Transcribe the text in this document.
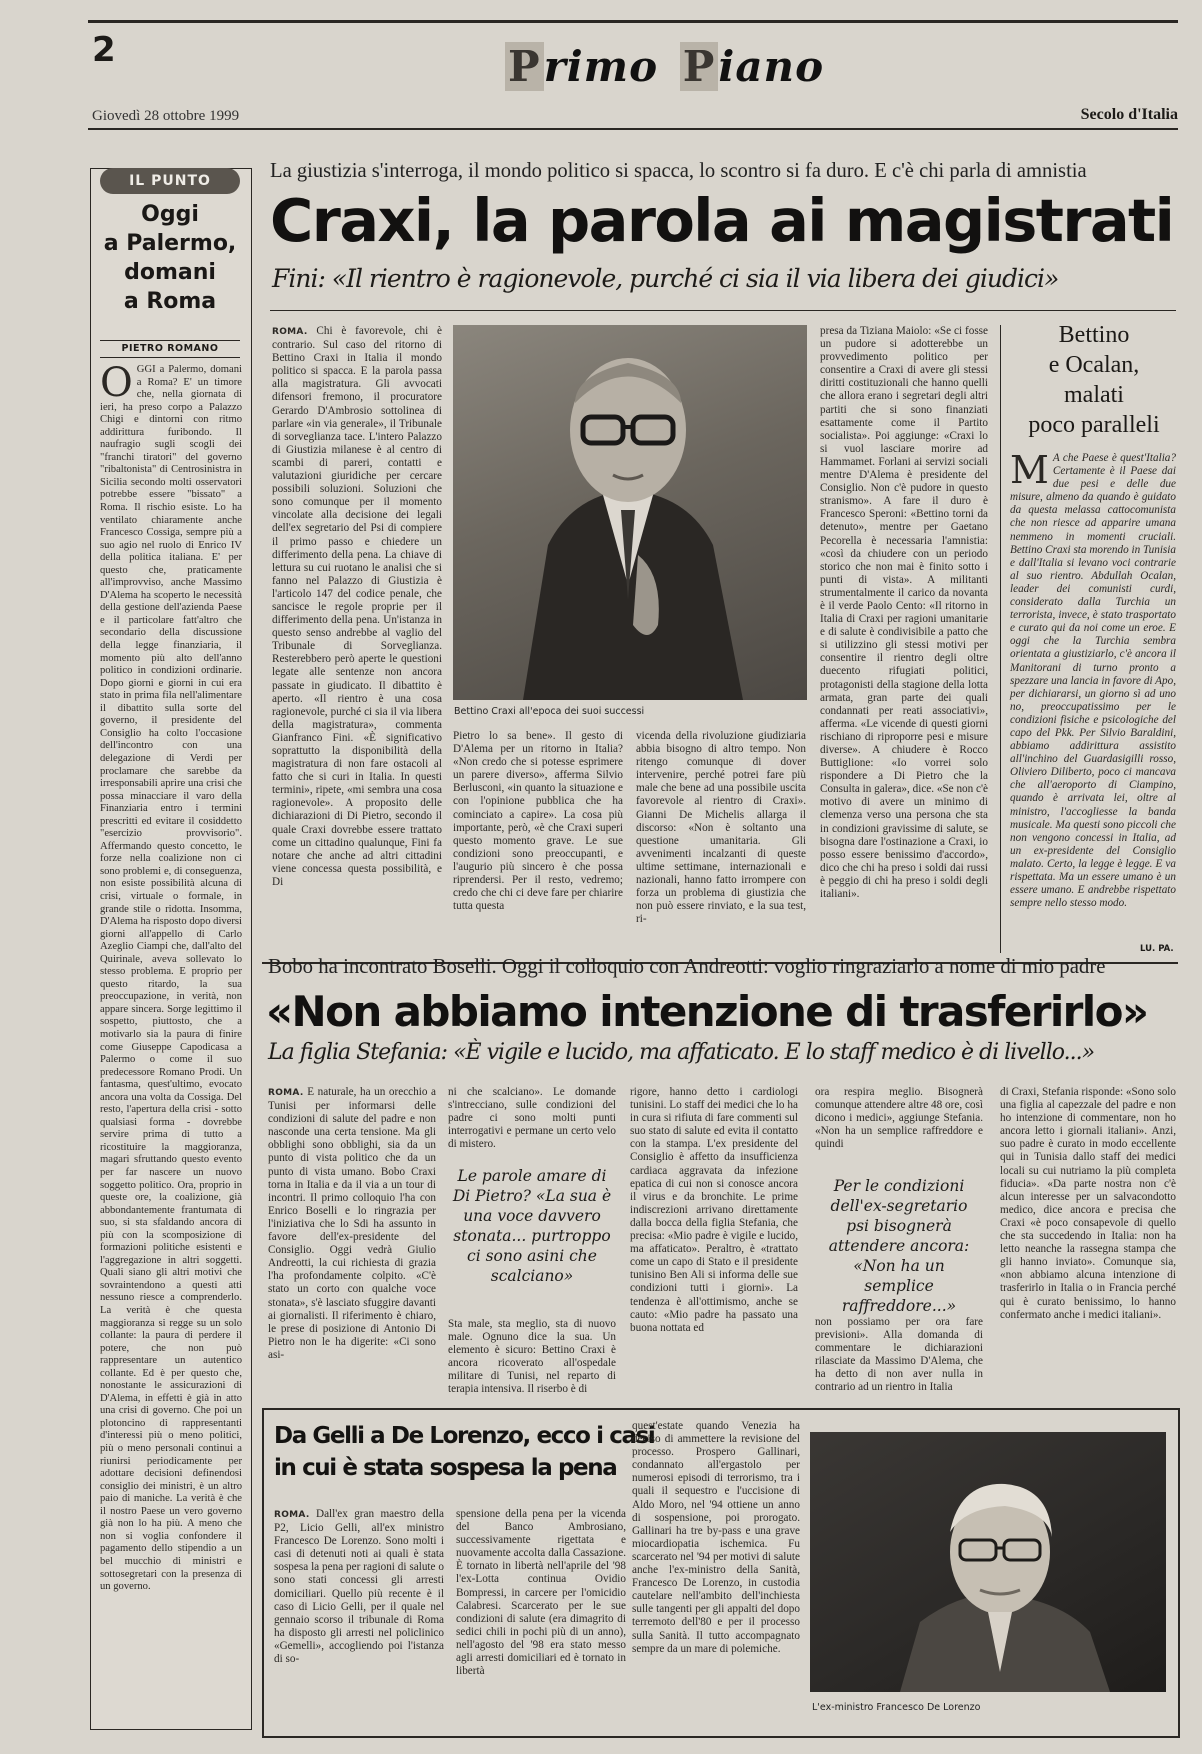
2	Primo Piano
Giovedì 28 ottobre 1999	Secolo d'Italia
IL PUNTO
Oggi
a Palermo,
domani
a Roma
PIETRO ROMANO
O GGI a Palermo, domani a Roma? E' un timore che, nella giornata di ieri, ha preso corpo a Palazzo Chigi e dintorni con ritmo addirittura furibondo. Il naufragio sugli scogli dei "franchi tiratori" del governo "ribaltonista" di Centrosinistra in Sicilia secondo molti osservatori potrebbe essere "bissato" a Roma. Il rischio esiste. Lo ha ventilato chiaramente anche Francesco Cossiga, sempre più a suo agio nel ruolo di Enrico IV della politica italiana. E' per questo che, praticamente all'improvviso, anche Massimo D'Alema ha scoperto le necessità della gestione dell'azienda Paese e il particolare fatt'altro che secondario della discussione della legge finanziaria, il momento più alto dell'anno politico in condizioni ordinarie. Dopo giorni e giorni in cui era stato in prima fila nell'alimentare il dibattito sulla sorte del governo, il presidente del Consiglio ha colto l'occasione dell'incontro con una delegazione di Verdi per proclamare che sarebbe da irresponsabili aprire una crisi che possa minacciare il varo della Finanziaria entro i termini prescritti ed evitare il cosiddetto "esercizio provvisorio". Affermando questo concetto, le forze nella coalizione non ci sono problemi e, di conseguenza, non esiste possibilità alcuna di crisi, virtuale o formale, in grande stile o ridotta. Insomma, D'Alema ha risposto dopo diversi giorni all'appello di Carlo Azeglio Ciampi che, dall'alto del Quirinale, aveva sollevato lo stesso problema. E proprio per questo ritardo, la sua preoccupazione, in verità, non appare sincera. Sorge legittimo il sospetto, piuttosto, che a motivarlo sia la paura di finire come Giuseppe Capodicasa a Palermo o come il suo predecessore Romano Prodi. Un fantasma, quest'ultimo, evocato ancora una volta da Cossiga. Del resto, l'apertura della crisi - sotto qualsiasi forma - dovrebbe servire prima di tutto a ricostituire la maggioranza, magari sfruttando questo evento per far nascere un nuovo soggetto politico. Ora, proprio in queste ore, la coalizione, già abbondantemente frantumata di suo, si sta sfaldando ancora di più con la scomposizione di formazioni politiche esistenti e l'aggregazione in altri soggetti. Quali siano gli altri motivi che sovraintendono a questi atti nessuno riesce a comprenderlo. La verità è che questa maggioranza si regge su un solo collante: la paura di perdere il potere, che non può rappresentare un autentico collante. Ed è per questo che, nonostante le assicurazioni di D'Alema, in effetti è già in atto una crisi di governo. Che poi un plotoncino di rappresentanti d'interessi più o meno politici, più o meno personali continui a riunirsi periodicamente per adottare decisioni definendosi consiglio dei ministri, è un altro paio di maniche. La verità è che il nostro Paese un vero governo già non lo ha più. A meno che non si voglia confondere il pagamento dello stipendio a un bel mucchio di ministri e sottosegretari con la presenza di un governo.
La giustizia s'interroga, il mondo politico si spacca, lo scontro si fa duro. E c'è chi parla di amnistia
Craxi, la parola ai magistrati
Fini: «Il rientro è ragionevole, purché ci sia il via libera dei giudici»
Bettino Craxi all'epoca dei suoi successi
ROMA. Chi è favorevole, chi è contrario. Sul caso del ritorno di Bettino Craxi in Italia il mondo politico si spacca. E la parola passa alla magistratura. Gli avvocati difensori fremono, il procuratore Gerardo D'Ambrosio sottolinea di parlare «in via generale», il Tribunale di sorveglianza tace. L'intero Palazzo di Giustizia milanese è al centro di scambi di pareri, contatti e valutazioni giuridiche per cercare possibili soluzioni. Soluzioni che sono comunque per il momento vincolate alla decisione dei legali dell'ex segretario del Psi di compiere il primo passo e chiedere un differimento della pena. La chiave di lettura su cui ruotano le analisi che si fanno nel Palazzo di Giustizia è l'articolo 147 del codice penale, che sancisce le regole proprie per il differimento della pena. Un'istanza in questo senso andrebbe al vaglio del Tribunale di Sorveglianza. Resterebbero però aperte le questioni legate alle sentenze non ancora passate in giudicato. Il dibattito è aperto. «Il rientro è una cosa ragionevole, purché ci sia il via libera della magistratura», commenta Gianfranco Fini. «È significativo soprattutto la disponibilità della magistratura di non fare ostacoli al fatto che si curi in Italia. In questi termini», ripete, «mi sembra una cosa ragionevole». A proposito delle dichiarazioni di Di Pietro, secondo il quale Craxi dovrebbe essere trattato come un cittadino qualunque, Fini fa notare che anche ad altri cittadini viene concessa questa possibilità, e Di
Pietro lo sa bene». Il gesto di D'Alema per un ritorno in Italia? «Non credo che si potesse esprimere un parere diverso», afferma Silvio Berlusconi, «in quanto la situazione e con l'opinione pubblica che ha cominciato a capire». La cosa più importante, però, «è che Craxi superi questo momento grave. Le sue condizioni sono preoccupanti, e l'augurio più sincero è che possa riprendersi. Per il resto, vedremo; credo che chi ci deve fare per chiarire tutta questa
vicenda della rivoluzione giudiziaria abbia bisogno di altro tempo. Non ritengo comunque di dover intervenire, perché potrei fare più male che bene ad una possibile uscita favorevole al rientro di Craxi». Gianni De Michelis allarga il discorso: «Non è soltanto una questione umanitaria. Gli avvenimenti incalzanti di queste ultime settimane, internazionali e nazionali, hanno fatto irrompere con forza un problema di giustizia che non può essere rinviato, e la sua test, ri-
presa da Tiziana Maiolo: «Se ci fosse un pudore si adotterebbe un provvedimento politico per consentire a Craxi di avere gli stessi diritti costituzionali che hanno quelli che allora erano i segretari degli altri partiti che si sono finanziati esattamente come il Partito socialista». Poi aggiunge: «Craxi lo si vuol lasciare morire ad Hammamet. Forlani ai servizi sociali mentre D'Alema è presidente del Consiglio. Non c'è pudore in questo stranismo». A fare il duro è Francesco Speroni: «Bettino torni da detenuto», mentre per Gaetano Pecorella è necessaria l'amnistia: «così da chiudere con un periodo storico che non mai è finito sotto i punti di vista». A militanti strumentalmente il carico da novanta è il verde Paolo Cento: «Il ritorno in Italia di Craxi per ragioni umanitarie e di salute è condivisibile a patto che si utilizzino gli stessi motivi per consentire il rientro degli oltre duecento rifugiati politici, protagonisti della stagione della lotta armata, gran parte dei quali condannati per reati associativi», afferma. «Le vicende di questi giorni rischiano di riproporre pesi e misure diverse». A chiudere è Rocco Buttiglione: «Io vorrei solo rispondere a Di Pietro che la Consulta in galera», dice. «Se non c'è motivo di avere un minimo di clemenza verso una persona che sta in condizioni gravissime di salute, se bisogna dare l'ostinazione a Craxi, io posso essere benissimo d'accordo», dico che chi ha preso i soldi dai russi è peggio di chi ha preso i soldi degli italiani».
Bettino
e Ocalan,
malati
poco paralleli
M A che Paese è quest'Italia? Certamente è il Paese dai due pesi e delle due misure, almeno da quando è guidato da questa melassa cattocomunista che non riesce ad apparire umana nemmeno in momenti cruciali. Bettino Craxi sta morendo in Tunisia e dall'Italia si levano voci contrarie al suo rientro. Abdullah Ocalan, leader dei comunisti curdi, considerato dalla Turchia un terrorista, invece, è stato trasportato e curato qui da noi come un eroe. E oggi che la Turchia sembra orientata a giustiziarlo, c'è ancora il Manitorani di turno pronto a spezzare una lancia in favore di Apo, per dichiararsi, un giorno sì ad uno no, preoccupatissimo per le condizioni fisiche e psicologiche del capo del Pkk. Per Silvio Baraldini, abbiamo addirittura assistito all'inchino del Guardasigilli rosso, Oliviero Diliberto, poco ci mancava che all'aeroporto di Ciampino, quando è arrivata lei, oltre al ministro, l'accogliesse la banda musicale. Ma questi sono piccoli che non vengono concessi in Italia, ad un ex-presidente del Consiglio malato. Certo, la legge è legge. E va rispettata. Ma un essere umano è un essere umano. E andrebbe rispettato sempre nello stesso modo.
LU. PA.
Bobo ha incontrato Boselli. Oggi il colloquio con Andreotti: voglio ringraziarlo a nome di mio padre
«Non abbiamo intenzione di trasferirlo»
La figlia Stefania: «È vigile e lucido, ma affaticato. E lo staff medico è di livello...»
ROMA. E naturale, ha un orecchio a Tunisi per informarsi delle condizioni di salute del padre e non nasconde una certa tensione. Ma gli obblighi sono obblighi, sia da un punto di vista politico che da un punto di vista umano. Bobo Craxi torna in Italia e da il via a un tour di incontri. Il primo colloquio l'ha con Enrico Boselli e lo ringrazia per l'iniziativa che lo Sdi ha assunto in favore dell'ex-presidente del Consiglio. Oggi vedrà Giulio Andreotti, la cui richiesta di grazia l'ha profondamente colpito. «C'è stato un corto con qualche voce stonata», s'è lasciato sfuggire davanti ai giornalisti. Il riferimento è chiaro, le prese di posizione di Antonio Di Pietro non le ha digerite: «Ci sono asi-
ni che scalciano». Le domande s'intrecciano, sulle condizioni del padre ci sono molti punti interrogativi e permane un certo velo di mistero.
Le parole amare di Di Pietro? «La sua è una voce davvero stonata... purtroppo ci sono asini che scalciano»
Sta male, sta meglio, sta di nuovo male. Ognuno dice la sua. Un elemento è sicuro: Bettino Craxi è ancora ricoverato all'ospedale militare di Tunisi, nel reparto di terapia intensiva. Il riserbo è di
rigore, hanno detto i cardiologi tunisini. Lo staff dei medici che lo ha in cura si rifiuta di fare commenti sul suo stato di salute ed evita il contatto con la stampa. L'ex presidente del Consiglio è affetto da insufficienza cardiaca aggravata da infezione epatica di cui non si conosce ancora il virus e da bronchite. Le prime indiscrezioni arrivano direttamente dalla bocca della figlia Stefania, che precisa: «Mio padre è vigile e lucido, ma affaticato». Peraltro, è «trattato come un capo di Stato e il presidente tunisino Ben Ali si informa delle sue condizioni tutti i giorni». La tendenza è all'ottimismo, anche se cauto: «Mio padre ha passato una buona nottata ed
ora respira meglio. Bisognerà comunque attendere altre 48 ore, così dicono i medici», aggiunge Stefania. «Non ha un semplice raffreddore e quindi
Per le condizioni dell'ex-segretario psi bisognerà attendere ancora: «Non ha un semplice raffreddore...»
non possiamo per ora fare previsioni». Alla domanda di commentare le dichiarazioni rilasciate da Massimo D'Alema, che ha detto di non aver nulla in contrario ad un rientro in Italia
di Craxi, Stefania risponde: «Sono solo una figlia al capezzale del padre e non ho intenzione di commentare, non ho ancora letto i giornali italiani». Anzi, suo padre è curato in modo eccellente qui in Tunisia dallo staff dei medici locali su cui nutriamo la più completa fiducia». «Da parte nostra non c'è alcun interesse per un salvacondotto medico, dice ancora e precisa che Craxi «è poco consapevole di quello che sta succedendo in Italia: non ha letto neanche la rassegna stampa che gli hanno inviato». Comunque sia, «non abbiamo alcuna intenzione di trasferirlo in Italia o in Francia perché qui è curato benissimo, lo hanno confermato anche i medici italiani».
Da Gelli a De Lorenzo, ecco i casi
in cui è stata sospesa la pena
ROMA. Dall'ex gran maestro della P2, Licio Gelli, all'ex ministro Francesco De Lorenzo. Sono molti i casi di detenuti noti ai quali è stata sospesa la pena per ragioni di salute o sono stati concessi gli arresti domiciliari. Quello più recente è il caso di Licio Gelli, per il quale nel gennaio scorso il tribunale di Roma ha disposto gli arresti nel policlinico «Gemelli», accogliendo poi l'istanza di so-
spensione della pena per la vicenda del Banco Ambrosiano, successivamente rigettata e nuovamente accolta dalla Cassazione. È tornato in libertà nell'aprile del '98 l'ex-Lotta continua Ovidio Bompressi, in carcere per l'omicidio Calabresi. Scarcerato per le sue condizioni di salute (era dimagrito di sedici chili in pochi più di un anno), nell'agosto del '98 era stato messo agli arresti domiciliari ed è tornato in libertà
quest'estate quando Venezia ha deciso di ammettere la revisione del processo. Prospero Gallinari, condannato all'ergastolo per numerosi episodi di terrorismo, tra i quali il sequestro e l'uccisione di Aldo Moro, nel '94 ottiene un anno di sospensione, poi prorogato. Gallinari ha tre by-pass e una grave miocardiopatia ischemica. Fu scarcerato nel '94 per motivi di salute anche l'ex-ministro della Sanità, Francesco De Lorenzo, in custodia cautelare nell'ambito dell'inchiesta sulle tangenti per gli appalti del dopo terremoto dell'80 e per il processo sulla Sanità. Il tutto accompagnato sempre da un mare di polemiche.
L'ex-ministro Francesco De Lorenzo
